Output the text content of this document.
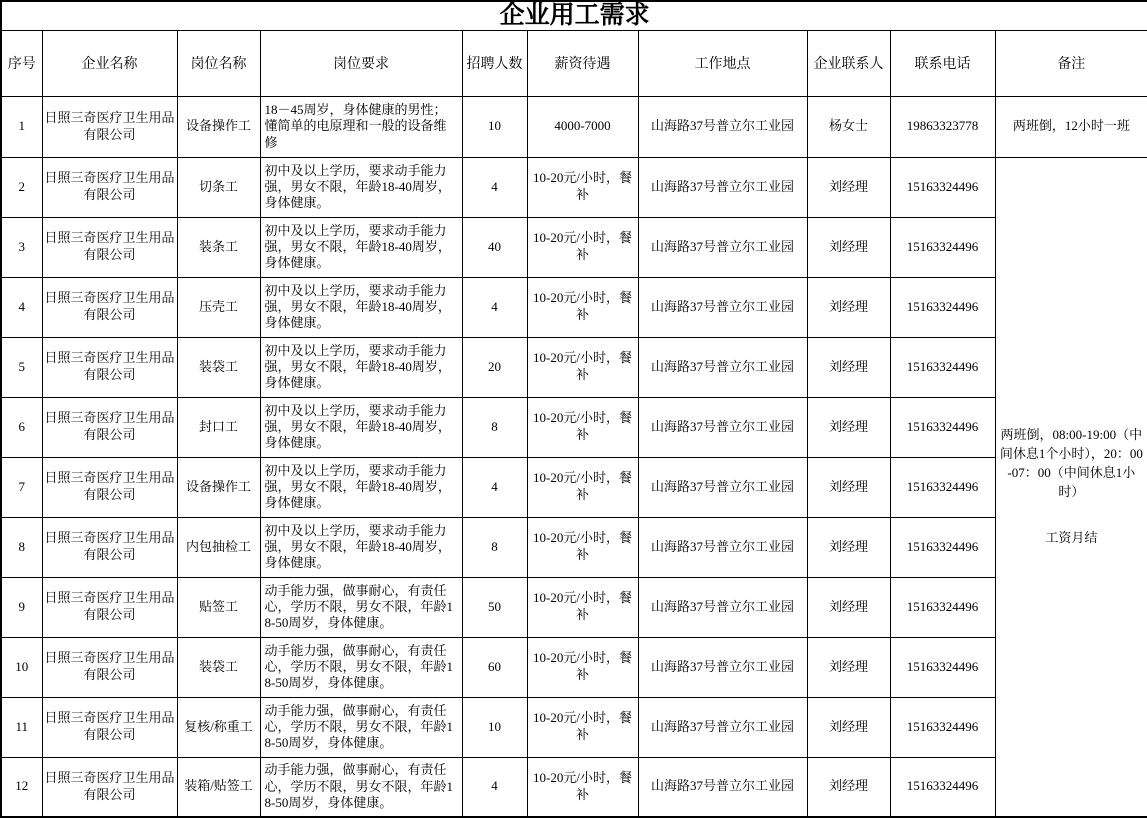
企业用工需求									
序号	企业名称	岗位名称	岗位要求	招聘人数	薪资待遇	工作地点	企业联系人	联系电话	备注
1	日照三奇医疗卫生用品有限公司	设备操作工	18－45周岁，身体健康的男性；懂简单的电原理和一般的设备维修	10	4000-7000	山海路37号普立尔工业园	杨女士	19863323778	两班倒，12小时一班
2	日照三奇医疗卫生用品有限公司	切条工	初中及以上学历，要求动手能力强，男女不限，年龄18-40周岁，身体健康。	4	10-20元/小时，餐补	山海路37号普立尔工业园	刘经理	15163324496	两班倒，08:00-19:00（中间休息1个小时），20：00-07：00（中间休息1小时）
工资月结

3	日照三奇医疗卫生用品有限公司	装条工	初中及以上学历，要求动手能力强，男女不限，年龄18-40周岁，身体健康。	40	10-20元/小时，餐补	山海路37号普立尔工业园	刘经理	15163324496	
4	日照三奇医疗卫生用品有限公司	压壳工	初中及以上学历，要求动手能力强，男女不限，年龄18-40周岁，身体健康。	4	10-20元/小时，餐补	山海路37号普立尔工业园	刘经理	15163324496	
5	日照三奇医疗卫生用品有限公司	装袋工	初中及以上学历，要求动手能力强，男女不限，年龄18-40周岁，身体健康。	20	10-20元/小时，餐补	山海路37号普立尔工业园	刘经理	15163324496	
6	日照三奇医疗卫生用品有限公司	封口工	初中及以上学历，要求动手能力强，男女不限，年龄18-40周岁，身体健康。	8	10-20元/小时，餐补	山海路37号普立尔工业园	刘经理	15163324496	
7	日照三奇医疗卫生用品有限公司	设备操作工	初中及以上学历，要求动手能力强，男女不限，年龄18-40周岁，身体健康。	4	10-20元/小时，餐补	山海路37号普立尔工业园	刘经理	15163324496	
8	日照三奇医疗卫生用品有限公司	内包抽检工	初中及以上学历，要求动手能力强，男女不限，年龄18-40周岁，身体健康。	8	10-20元/小时，餐补	山海路37号普立尔工业园	刘经理	15163324496	
9	日照三奇医疗卫生用品有限公司	贴签工	动手能力强，做事耐心，有责任心，学历不限，男女不限，年龄18-50周岁，身体健康。	50	10-20元/小时，餐补	山海路37号普立尔工业园	刘经理	15163324496	
10	日照三奇医疗卫生用品有限公司	装袋工	动手能力强，做事耐心，有责任心，学历不限，男女不限，年龄18-50周岁，身体健康。	60	10-20元/小时，餐补	山海路37号普立尔工业园	刘经理	15163324496	
11	日照三奇医疗卫生用品有限公司	复核/称重工	动手能力强，做事耐心，有责任心，学历不限，男女不限，年龄18-50周岁，身体健康。	10	10-20元/小时，餐补	山海路37号普立尔工业园	刘经理	15163324496	
12	日照三奇医疗卫生用品有限公司	装箱/贴签工	动手能力强，做事耐心，有责任心，学历不限，男女不限，年龄18-50周岁，身体健康。	4	10-20元/小时，餐补	山海路37号普立尔工业园	刘经理	15163324496	
